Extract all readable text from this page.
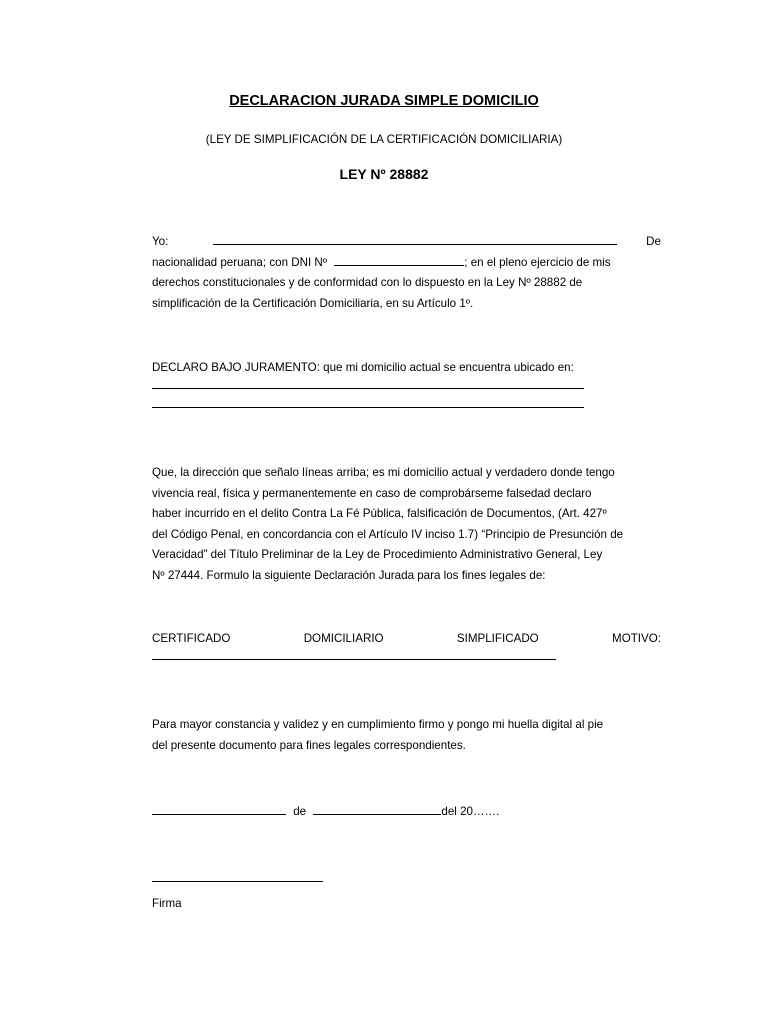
DECLARACION JURADA SIMPLE DOMICILIO
(LEY DE SIMPLIFICACIÓN DE LA CERTIFICACIÓN DOMICILIARIA)
LEY Nº 28882
Yo:	De
nacionalidad peruana; con DNI Nº	; en el pleno ejercicio de mis
derechos constitucionales y de conformidad con lo dispuesto en la Ley Nº 28882 de
simplificación de la Certificación Domiciliaria, en su Artículo 1º.
DECLARO BAJO JURAMENTO: que mi domicilio actual se encuentra ubicado en:
Que, la dirección que señalo líneas arriba; es mi domicilio actual y verdadero donde tengo
vivencia real, física y permanentemente en caso de comprobárseme falsedad declaro
haber incurrido en el delito Contra La Fé Pública, falsificación de Documentos, (Art. 427º
del Código Penal, en concordancia con el Artículo IV inciso 1.7) “Principio de Presunción de
Veracidad” del Título Preliminar de la Ley de Procedimiento Administrativo General, Ley
Nº 27444. Formulo la siguiente Declaración Jurada para los fines legales de:
CERTIFICADO	DOMICILIARIO	SIMPLIFICADO	MOTIVO:
Para mayor constancia y validez y en cumplimiento firmo y pongo mi huella digital al pie
del presente documento para fines legales correspondientes.
de	del 20…….
Firma
